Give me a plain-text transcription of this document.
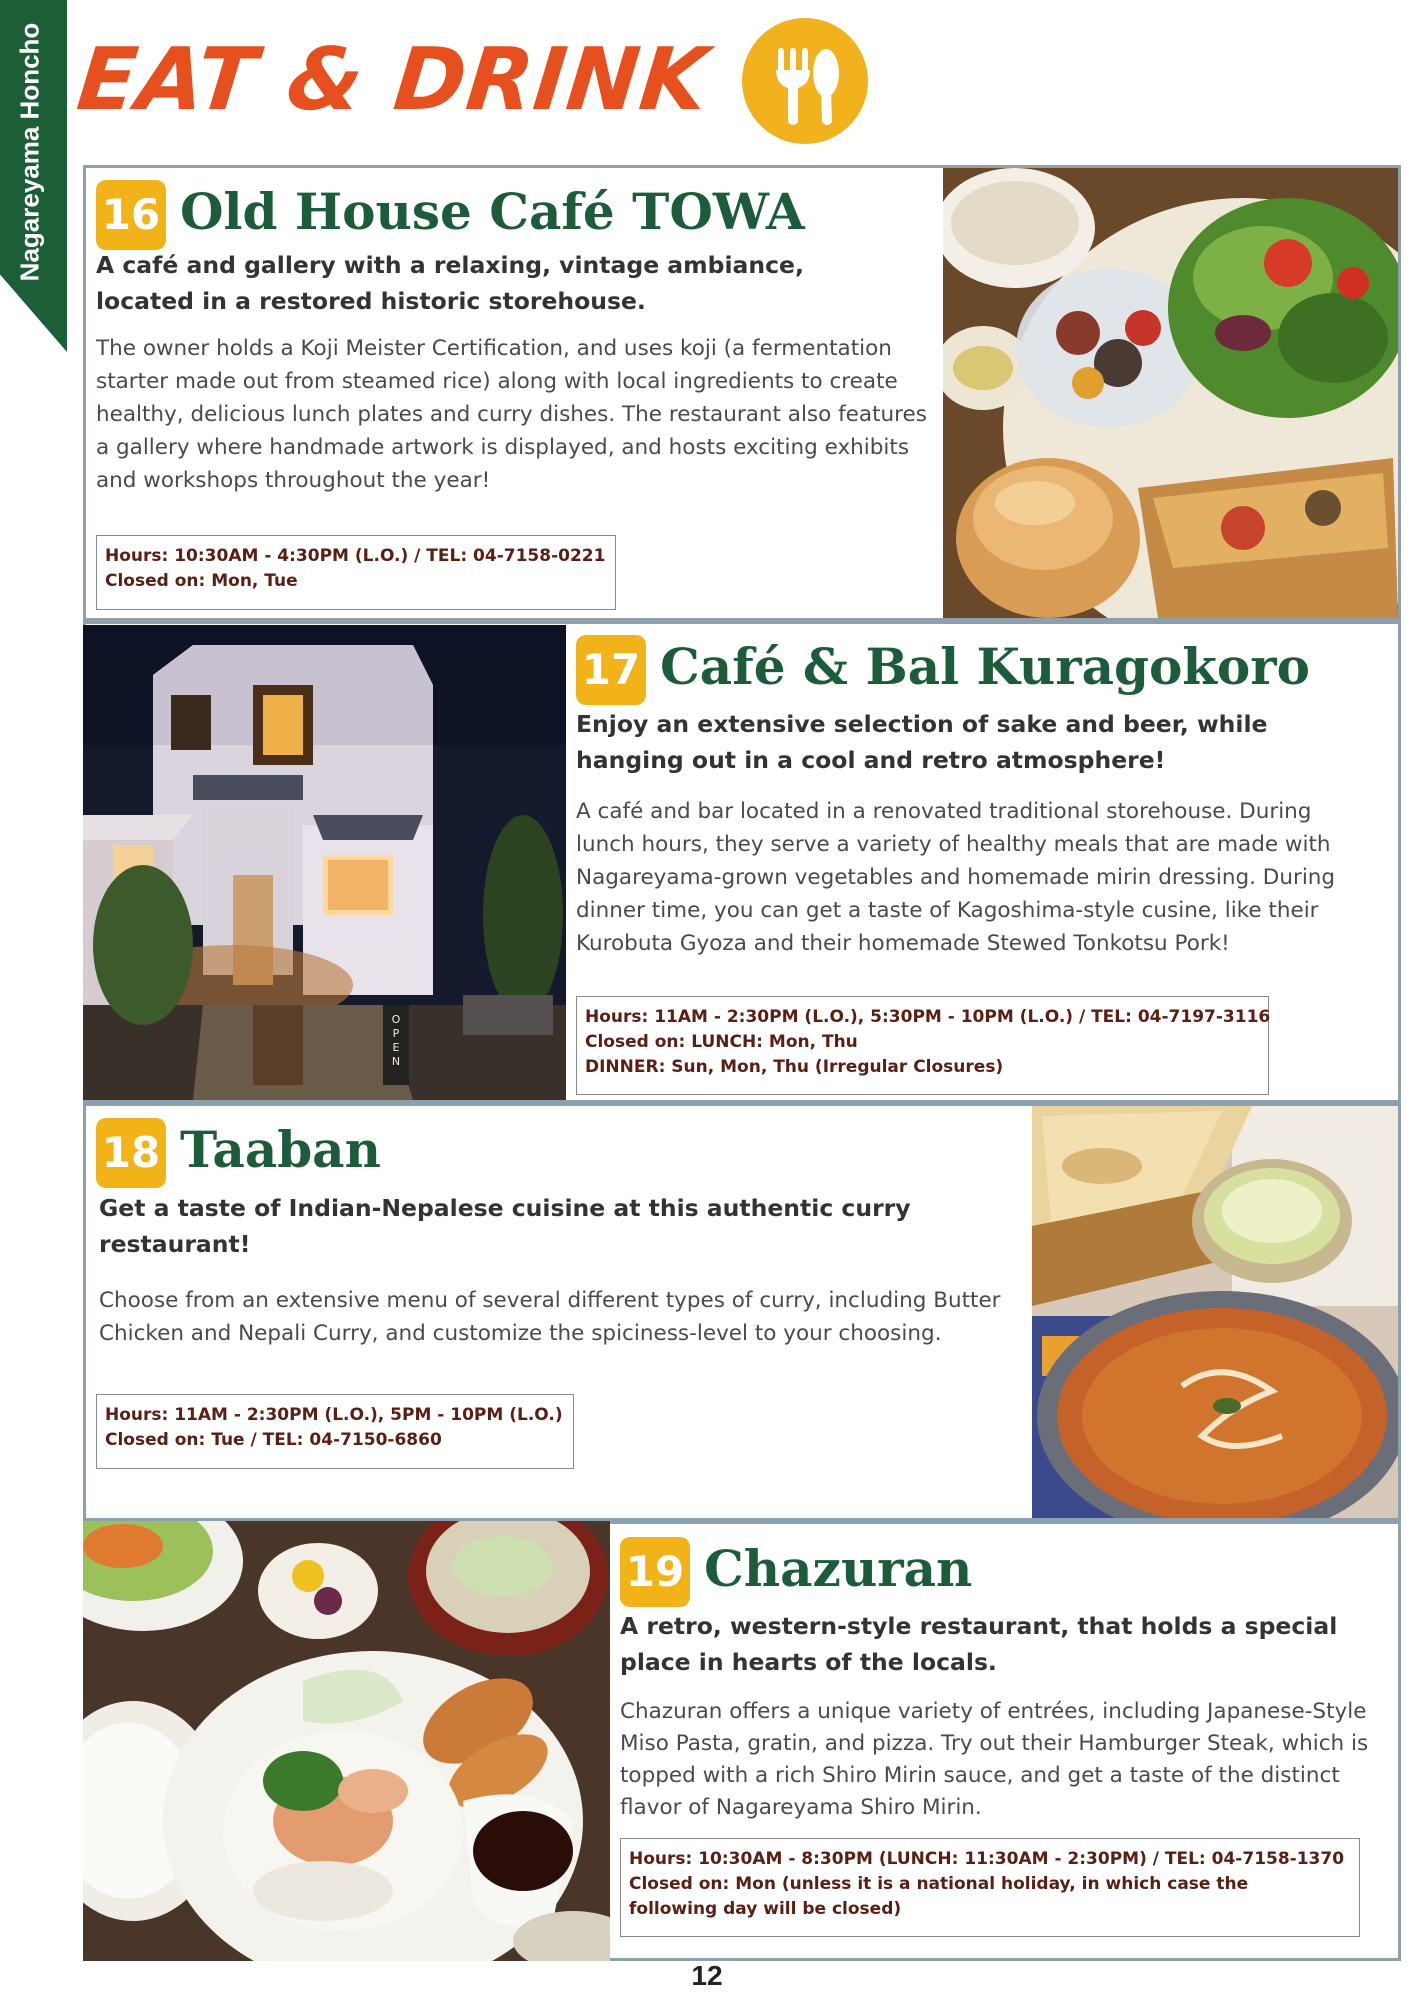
Nagareyama Honcho EAT & DRINK
16 Old House Café TOWA
A café and gallery with a relaxing, vintage ambiance, located in a restored historic storehouse.
The owner holds a Koji Meister Certification, and uses koji (a fermentation starter made out from steamed rice) along with local ingredients to create healthy, delicious lunch plates and curry dishes. The restaurant also features a gallery where handmade artwork is displayed, and hosts exciting exhibits and workshops throughout the year!
Hours: 10:30AM - 4:30PM (L.O.) / TEL: 04-7158-0221
Closed on: Mon, Tue
O P E N
17 Café & Bal Kuragokoro
Enjoy an extensive selection of sake and beer, while hanging out in a cool and retro atmosphere!
A café and bar located in a renovated traditional storehouse. During lunch hours, they serve a variety of healthy meals that are made with Nagareyama-grown vegetables and homemade mirin dressing. During dinner time, you can get a taste of Kagoshima-style cusine, like their Kurobuta Gyoza and their homemade Stewed Tonkotsu Pork!
Hours: 11AM - 2:30PM (L.O.), 5:30PM - 10PM (L.O.) / TEL: 04-7197-3116
Closed on: LUNCH: Mon, Thu
DINNER: Sun, Mon, Thu (Irregular Closures)
18 Taaban
Get a taste of Indian-Nepalese cuisine at this authentic curry restaurant!
Choose from an extensive menu of several different types of curry, including Butter Chicken and Nepali Curry, and customize the spiciness-level to your choosing.
Hours: 11AM - 2:30PM (L.O.), 5PM - 10PM (L.O.)
Closed on: Tue / TEL: 04-7150-6860
19 Chazuran
A retro, western-style restaurant, that holds a special place in hearts of the locals.
Chazuran offers a unique variety of entrées, including Japanese-Style Miso Pasta, gratin, and pizza. Try out their Hamburger Steak, which is topped with a rich Shiro Mirin sauce, and get a taste of the distinct flavor of Nagareyama Shiro Mirin.
Hours: 10:30AM - 8:30PM (LUNCH: 11:30AM - 2:30PM) / TEL: 04-7158-1370
Closed on: Mon (unless it is a national holiday, in which case the
following day will be closed)
12
